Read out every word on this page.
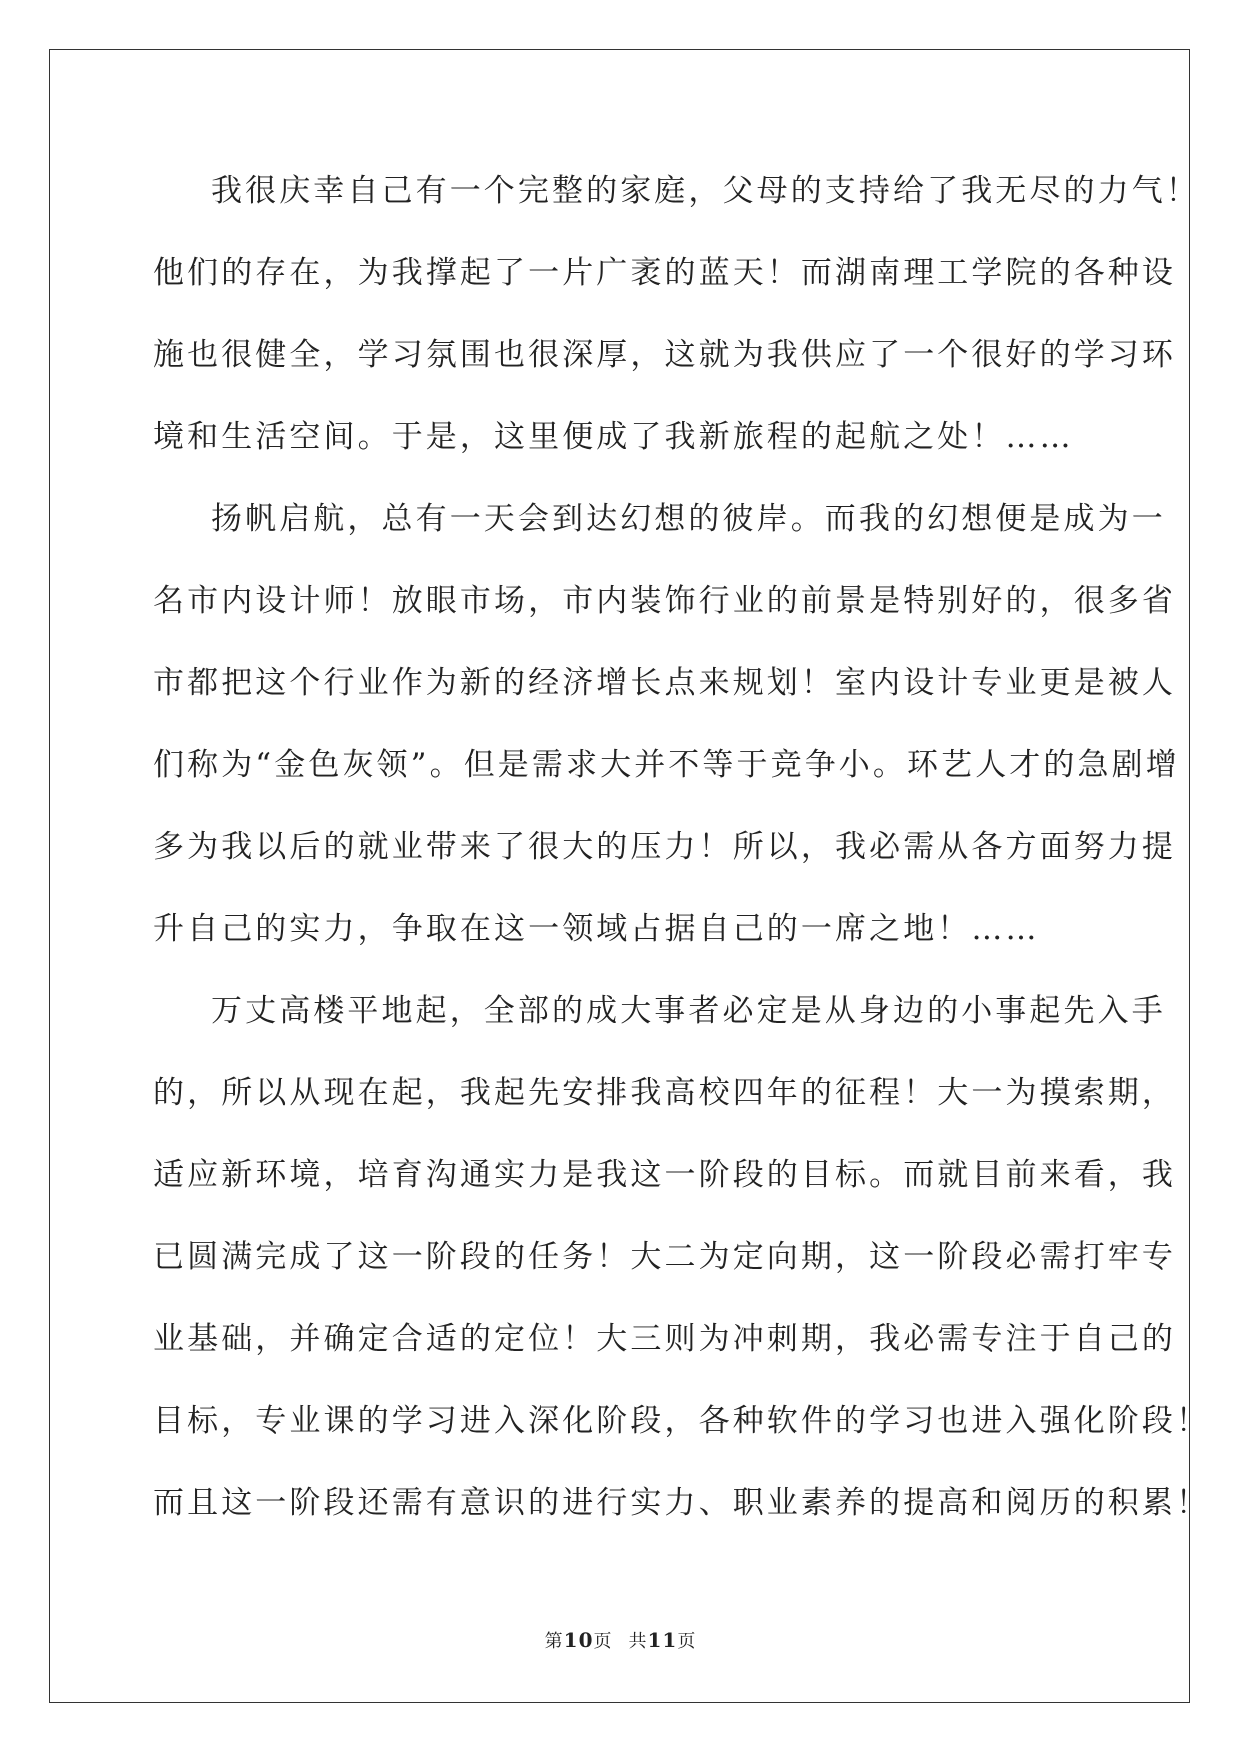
我很庆幸自己有一个完整的家庭，父母的支持给了我无尽的力气！
他们的存在，为我撑起了一片广袤的蓝天！而湖南理工学院的各种设
施也很健全，学习氛围也很深厚，这就为我供应了一个很好的学习环
境和生活空间。于是，这里便成了我新旅程的起航之处！……
扬帆启航，总有一天会到达幻想的彼岸。而我的幻想便是成为一
名市内设计师！放眼市场，市内装饰行业的前景是特别好的，很多省
市都把这个行业作为新的经济增长点来规划！室内设计专业更是被人
们称为“金色灰领”。但是需求大并不等于竞争小。环艺人才的急剧增
多为我以后的就业带来了很大的压力！所以，我必需从各方面努力提
升自己的实力，争取在这一领域占据自己的一席之地！……
万丈高楼平地起，全部的成大事者必定是从身边的小事起先入手
的，所以从现在起，我起先安排我高校四年的征程！大一为摸索期，
适应新环境，培育沟通实力是我这一阶段的目标。而就目前来看，我
已圆满完成了这一阶段的任务！大二为定向期，这一阶段必需打牢专
业基础，并确定合适的定位！大三则为冲刺期，我必需专注于自己的
目标，专业课的学习进入深化阶段，各种软件的学习也进入强化阶段！
而且这一阶段还需有意识的进行实力、职业素养的提高和阅历的积累！
第10页 共11页
